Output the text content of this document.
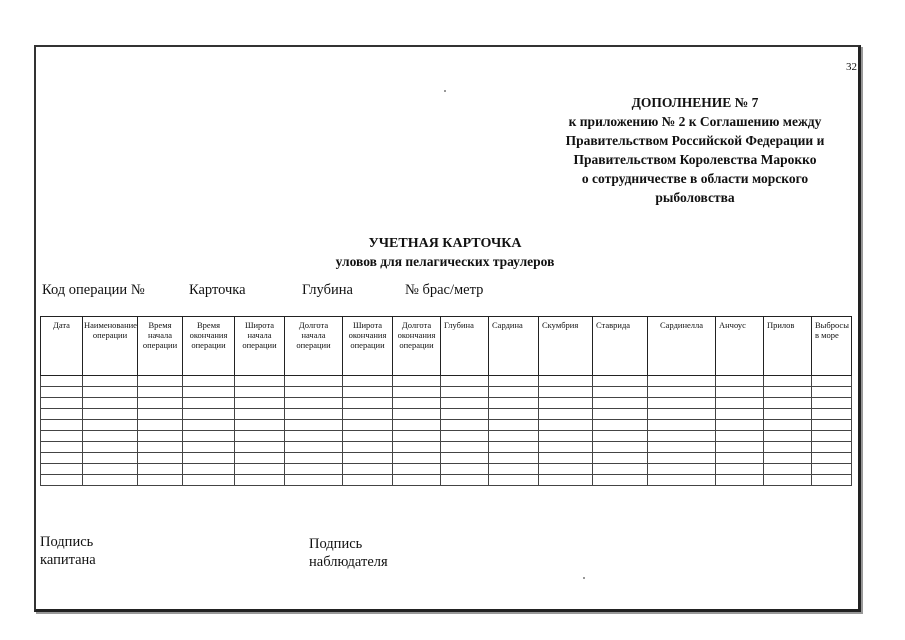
32
ДОПОЛНЕНИЕ № 7
к приложению № 2 к Соглашению между
Правительством Российской Федерации и
Правительством Королевства Марокко
о сотрудничестве в области морского
рыболовства
УЧЕТНАЯ КАРТОЧКА
уловов для пелагических траулеров
Код операции №	Карточка	Глубина	№ брас/метр
Дата	Наименование операции	Время начала операции	Время окончания операции	Широта начала операции	Долгота начала операции	Широта окончания операции	Долгота окончания операции	Глубина	Сардина	Скумбрия	Ставрида	Сардинелла	Анчоус	Прилов	Выбросы в море

Подпись
капитана
Подпись
наблюдателя
